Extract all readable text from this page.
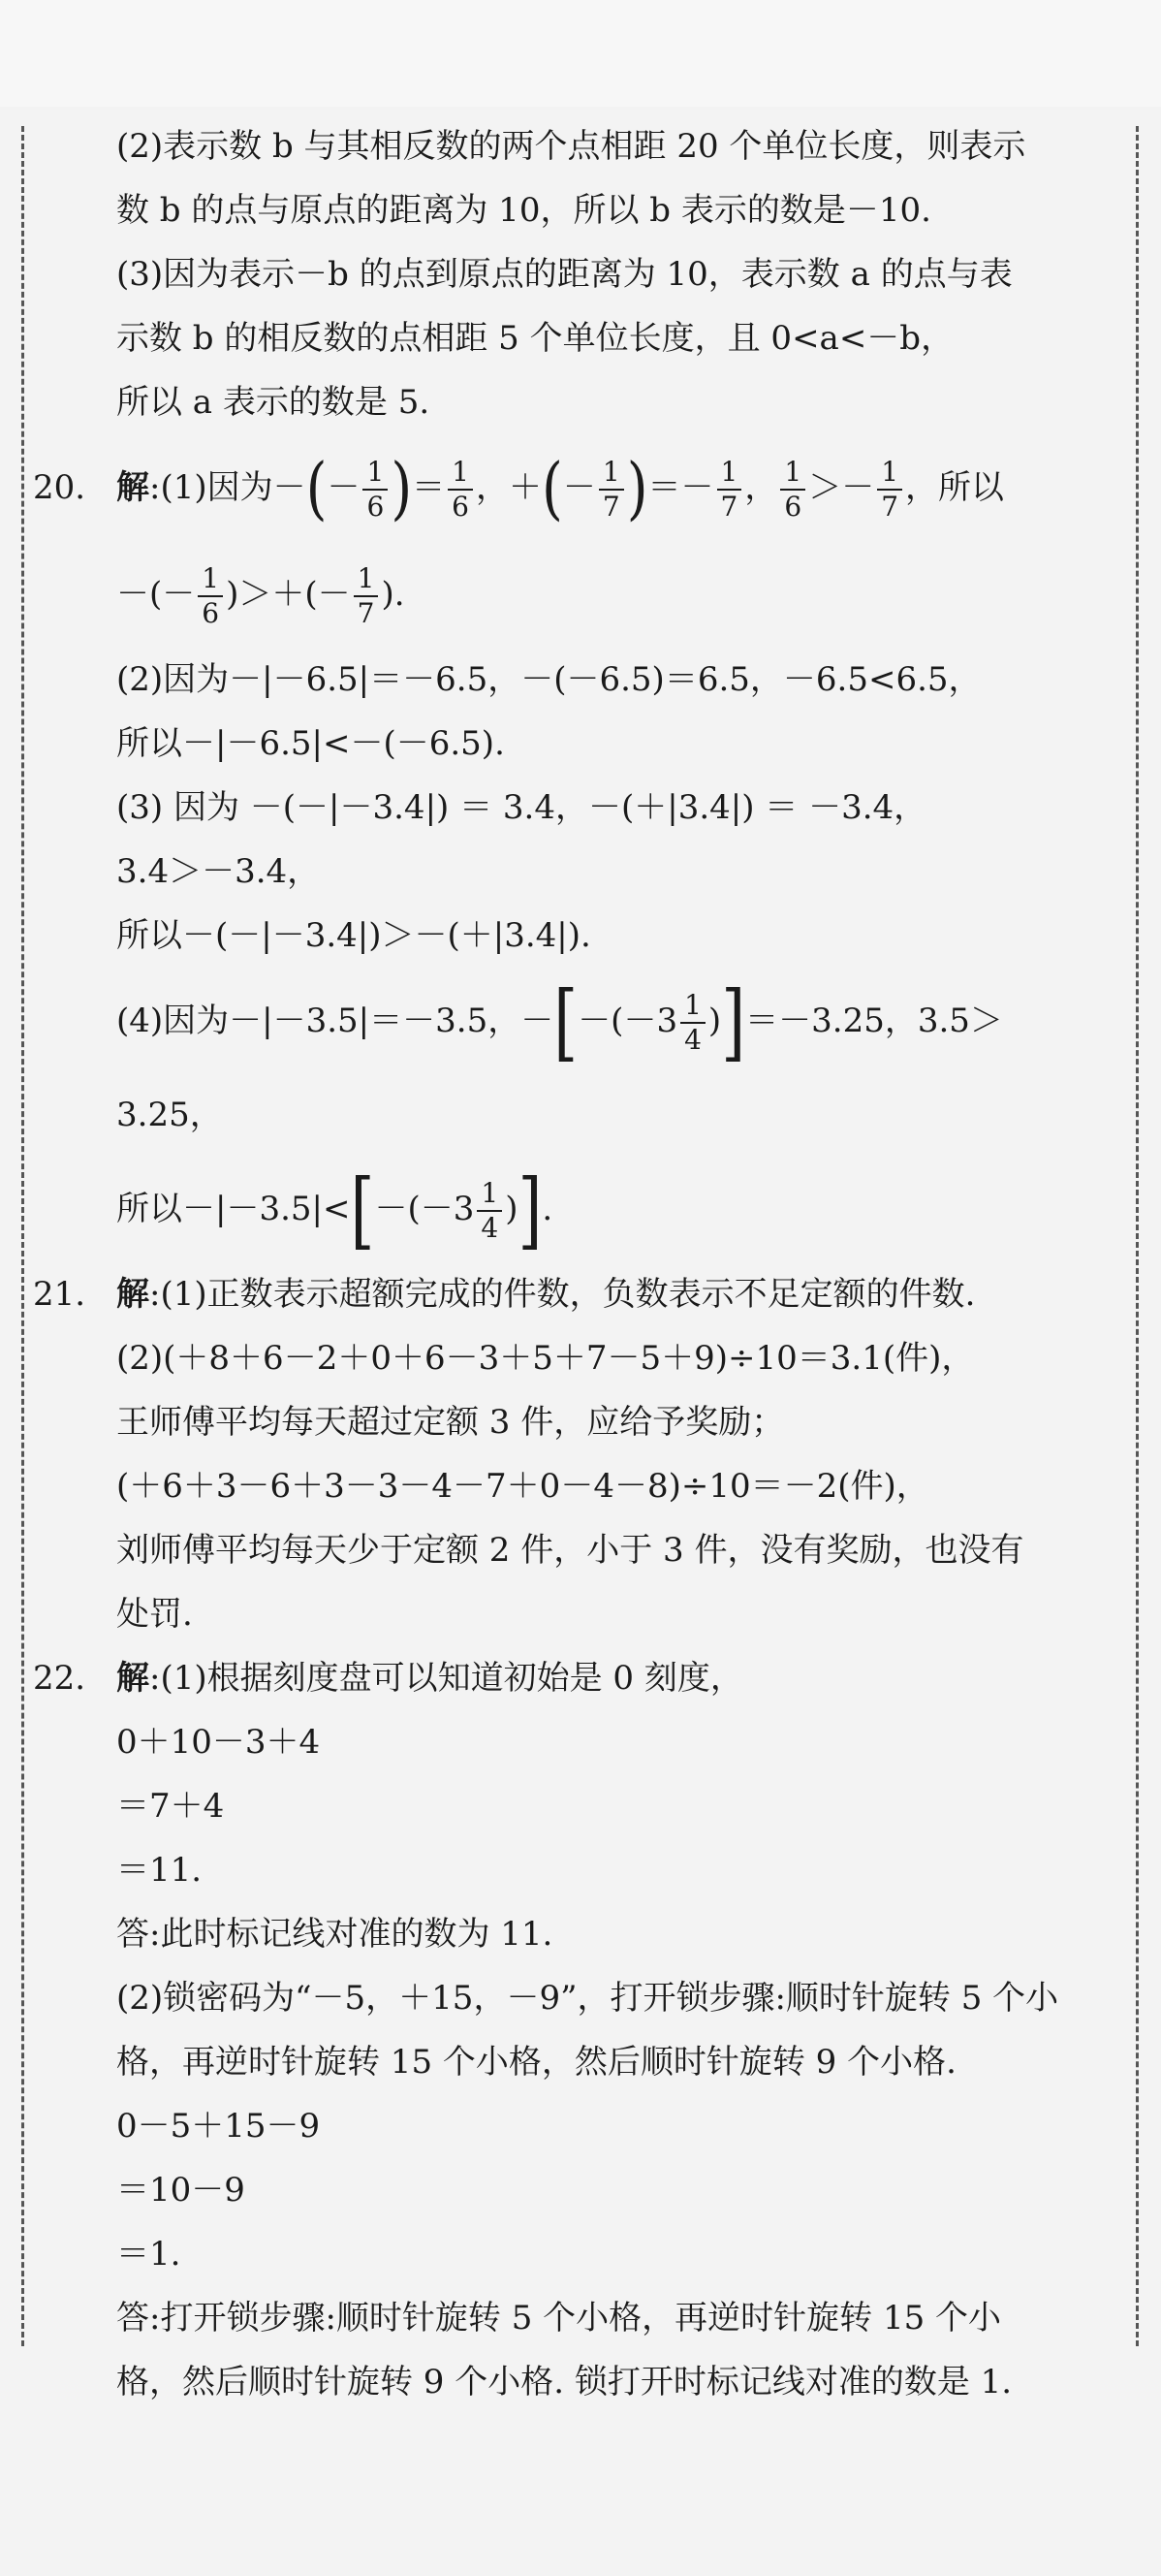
(2)表示数 b 与其相反数的两个点相距 20 个单位长度，则表示
数 b 的点与原点的距离为 10，所以 b 表示的数是－10.
(3)因为表示－b 的点到原点的距离为 10，表示数 a 的点与表
示数 b 的相反数的点相距 5 个单位长度，且 0<a<－b，
所以 a 表示的数是 5.
20. 解:(1)因为－(－ $\frac{1}{6}$ )＝ $\frac{1}{6}$ ，＋(－ $\frac{1}{7}$ )＝－ $\frac{1}{7}$ ， $\frac{1}{6} >- \frac{1}{7}$ ，所以
－(－ $\frac{1}{6}$ )＞＋(－ $\frac{1}{7}$ ).
(2)因为－|－6.5|＝－6.5，－(－6.5)＝6.5，－6.5<6.5，
所以－|－6.5|<－(－6.5).
(3) 因为 －(－|－3.4|) ＝ 3.4，－(＋|3.4|) ＝ －3.4，
3.4＞－3.4，
所以－(－|－3.4|)＞－(＋|3.4|).
(4)因为－|－3.5|＝－3.5，$-[-(-3 \frac{1}{4} )]=-3.25$，3.5＞
3.25，
所以$-|-3.5|<[-(-3 \frac{1}{4}$ )].
21. 解:(1)正数表示超额完成的件数，负数表示不足定额的件数.
(2)(＋8＋6－2＋0＋6－3＋5＋7－5＋9)÷10＝3.1(件)，
王师傅平均每天超过定额 3 件，应给予奖励；
(＋6＋3－6＋3－3－4－7＋0－4－8)÷10＝－2(件)，
刘师傅平均每天少于定额 2 件，小于 3 件，没有奖励，也没有
处罚.
22. 解:(1)根据刻度盘可以知道初始是 0 刻度，
0＋10－3＋4
＝7＋4
＝11.
答:此时标记线对准的数为 11.
(2)锁密码为“－5，＋15，－9”，打开锁步骤:顺时针旋转 5 个小
格，再逆时针旋转 15 个小格，然后顺时针旋转 9 个小格.
0－5＋15－9
＝10－9
＝1.
答:打开锁步骤:顺时针旋转 5 个小格，再逆时针旋转 15 个小
格，然后顺时针旋转 9 个小格. 锁打开时标记线对准的数是 1.
